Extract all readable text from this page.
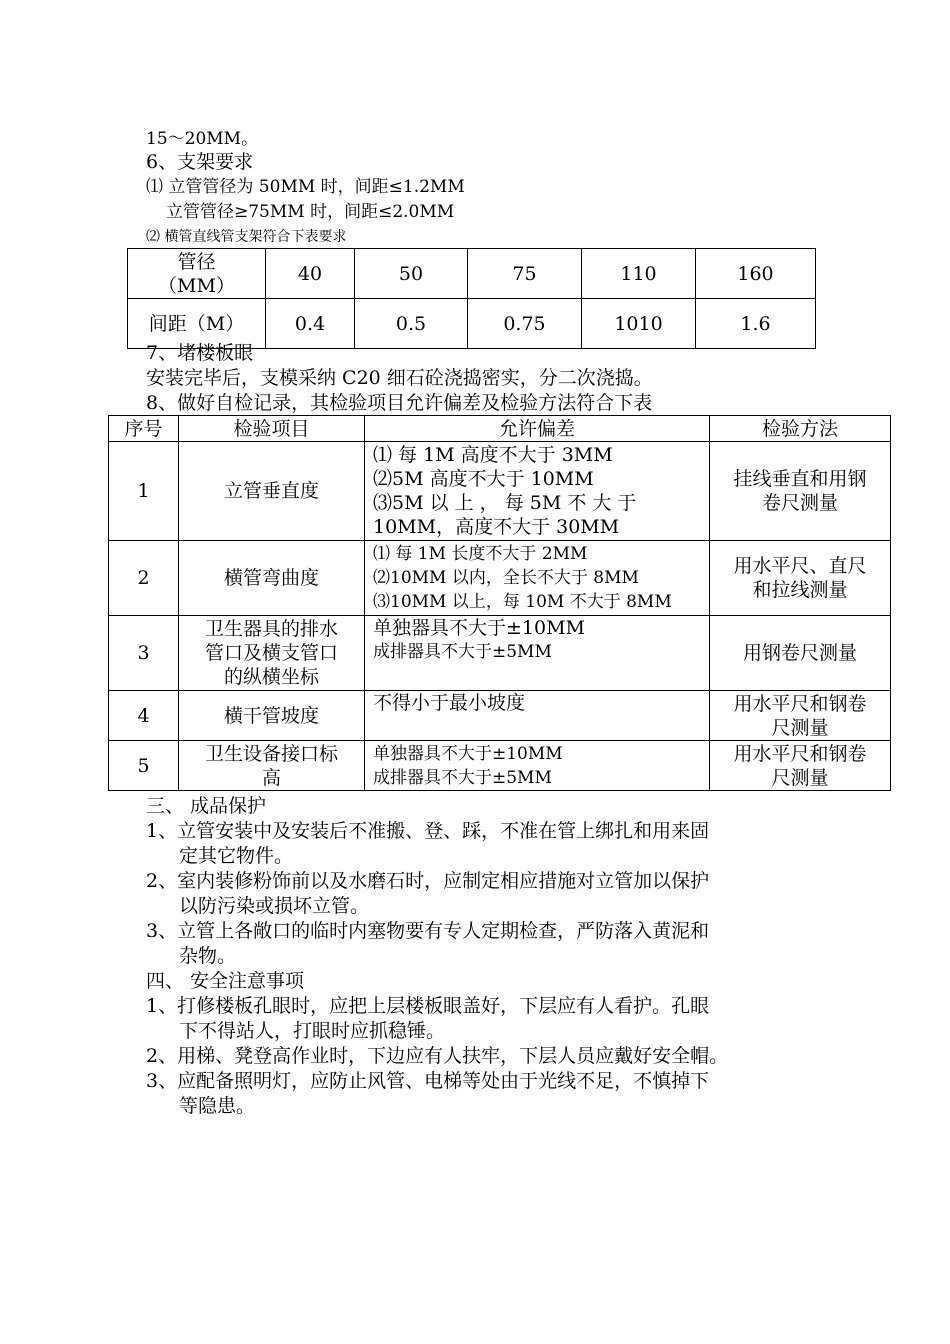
15～20MM。
6、支架要求
⑴ 立管管径为 50MM 时，间距≤1.2MM
立管管径≥75MM 时，间距≤2.0MM
⑵ 横管直线管支架符合下表要求
管径
（MM）	40	50	75	110	160
间距（M）	0.4	0.5	0.75	1010	1.6
7、堵楼板眼
安装完毕后，支模采纳 C20 细石砼浇捣密实，分二次浇捣。
8、做好自检记录，其检验项目允许偏差及检验方法符合下表
序号	检验项目	允许偏差	检验方法
1	立管垂直度	⑴ 每 1M 高度不大于 3MM
⑵5M 高度不大于 10MM
⑶5M 以 上 ， 每 5M 不 大 于
10MM，高度不大于 30MM	挂线垂直和用钢
卷尺测量

2	横管弯曲度	⑴ 每 1M 长度不大于 2MM
⑵10MM 以内，全长不大于 8MM
⑶10MM 以上，每 10M 不大于 8MM	用水平尺、直尺
和拉线测量

3	卫生器具的排水
管口及横支管口
的纵横坐标	单独器具不大于±10MM
成排器具不大于±5MM	用钢卷尺测量

4	横干管坡度	不得小于最小坡度	用水平尺和钢卷
尺测量

5	卫生设备接口标
高	单独器具不大于±10MM
成排器具不大于±5MM	用水平尺和钢卷
尺测量
三、 成品保护
1、立管安装中及安装后不准搬、登、踩，不准在管上绑扎和用来固
定其它物件。
2、室内装修粉饰前以及水磨石时，应制定相应措施对立管加以保护
以防污染或损坏立管。
3、立管上各敞口的临时内塞物要有专人定期检查，严防落入黄泥和
杂物。
四、 安全注意事项
1、打修楼板孔眼时，应把上层楼板眼盖好，下层应有人看护。孔眼
下不得站人，打眼时应抓稳锤。
2、用梯、凳登高作业时，下边应有人扶牢，下层人员应戴好安全帽。
3、应配备照明灯，应防止风管、电梯等处由于光线不足，不慎掉下
等隐患。
